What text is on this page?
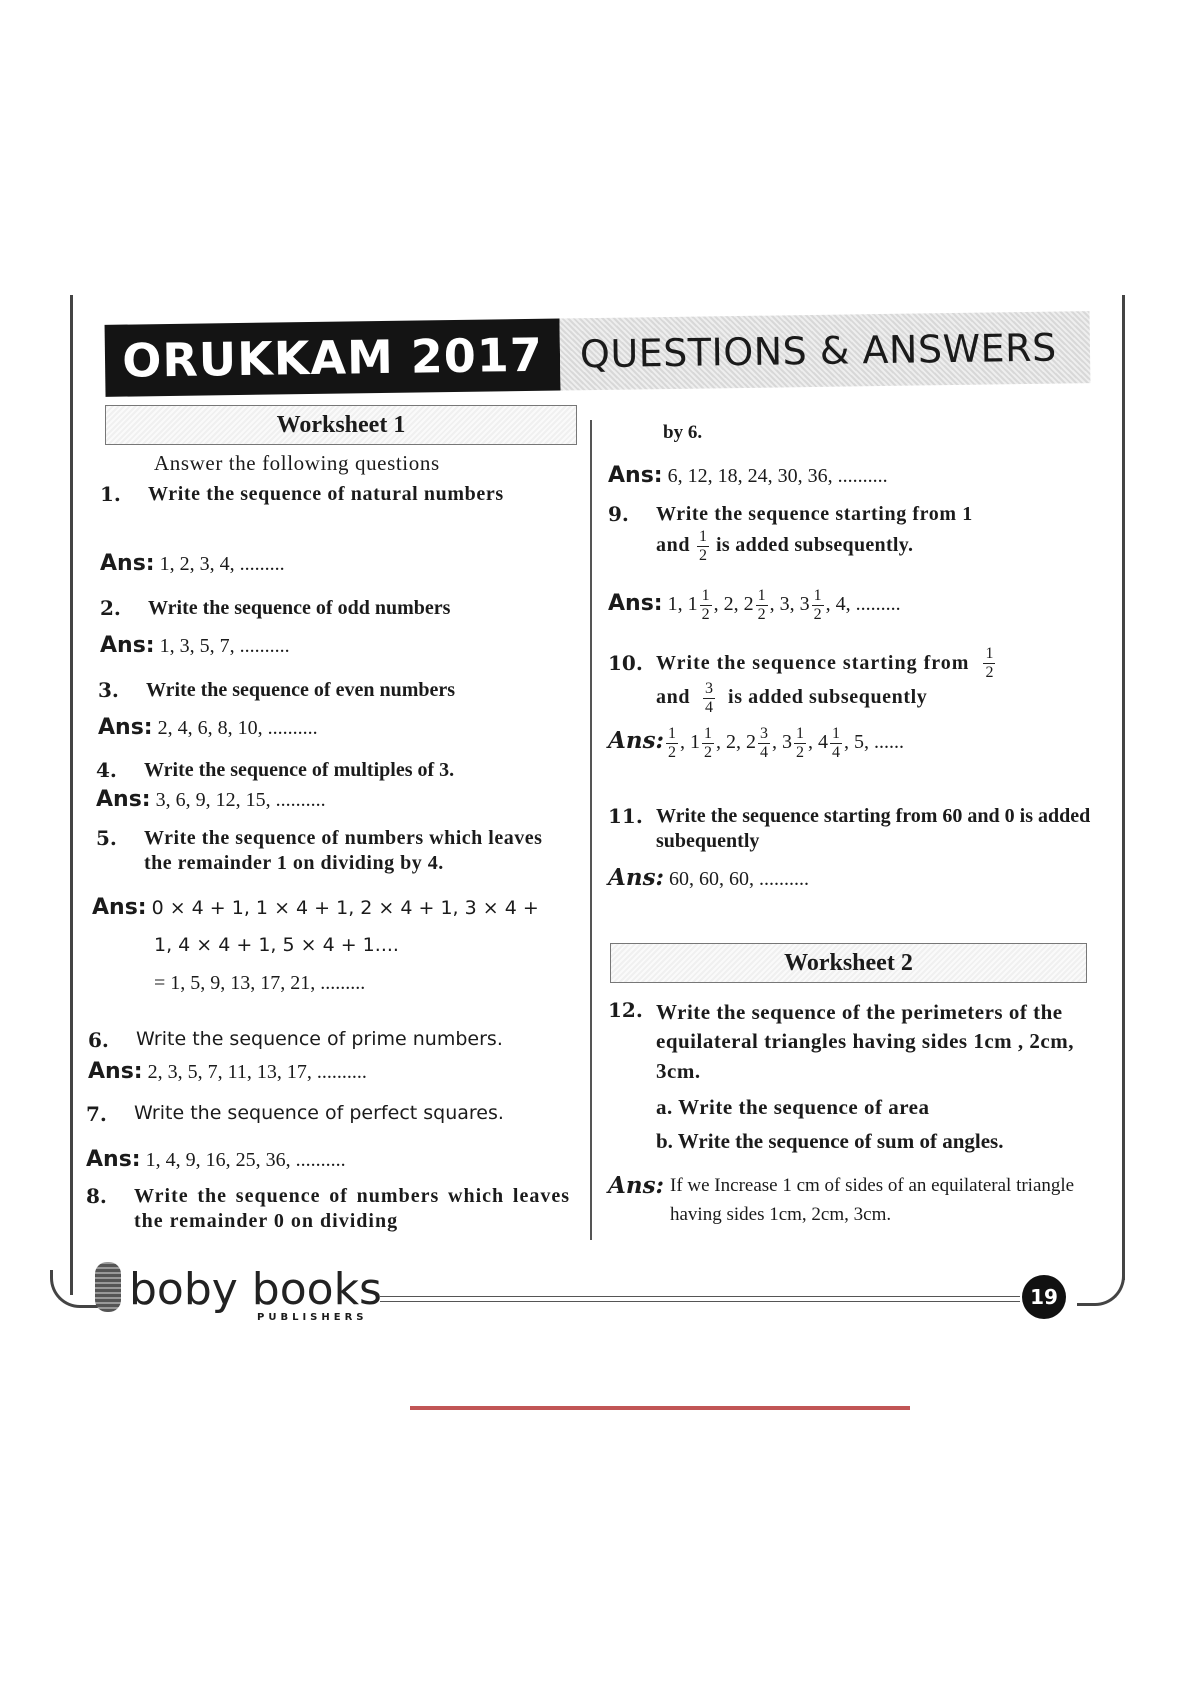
ORUKKAM 2017 QUESTIONS & ANSWERS
Worksheet 1
Answer the following questions
1.	Write the sequence of natural numbers
Ans: 1, 2, 3, 4, .........
2.	Write the sequence of odd numbers
Ans: 1, 3, 5, 7, ..........
3.	Write the sequence of even numbers
Ans: 2, 4, 6, 8, 10, ..........
4.	Write the sequence of multiples of 3.
Ans: 3, 6, 9, 12, 15, ..........
5.	Write the sequence of numbers which leaves the remainder 1 on dividing by 4.
Ans: 0 × 4 + 1, 1 × 4 + 1, 2 × 4 + 1, 3 × 4 +
1, 4 × 4 + 1, 5 × 4 + 1....
= 1, 5, 9, 13, 17, 21, .........
6.	Write the sequence of prime numbers.
Ans: 2, 3, 5, 7, 11, 13, 17, ..........
7.	Write the sequence of perfect squares.
Ans: 1, 4, 9, 16, 25, 36, ..........
8.	Write the sequence of numbers which leaves the remainder 0 on dividing
by 6.
Ans: 6, 12, 18, 24, 30, 36, ..........
9.	Write the sequence starting from 1
and $\frac{1}{2}$ is added subsequently.
Ans: 1, $1 \frac{1}{2}$ , 2, $2 \frac{1}{2}$ , 3, $3 \frac{1}{2}$ , 4, .........
10. Write the sequence starting from $\frac{1}{2}$
and $\frac{3}{4}$ is added subsequently
Ans: $\frac{1}{2}$ , $1 \frac{1}{2}$ , 2, $2 \frac{3}{4}$ , $3 \frac{1}{2}$ , $4 \frac{1}{4}$ , 5, ......
11. Write the sequence starting from 60 and 0 is added subequently
Ans: 60, 60, 60, ..........
Worksheet 2
12. Write the sequence of the perimeters of the equilateral triangles having sides 1cm , 2cm, 3cm.
a. Write the sequence of area
b. Write the sequence of sum of angles.
Ans: If we Increase 1 cm of sides of an equilateral triangle having sides 1cm, 2cm, 3cm.
boby books
PUBLISHERS
19
